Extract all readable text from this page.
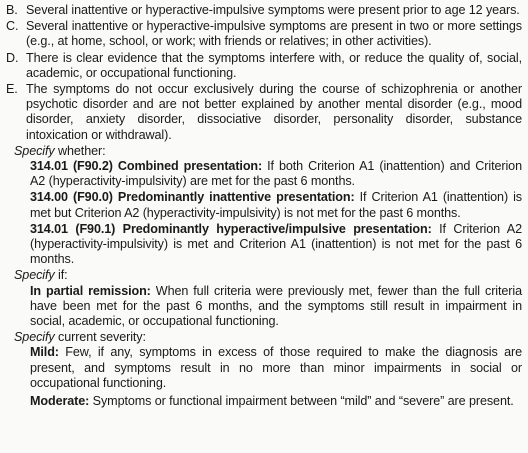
B. Several inattentive or hyperactive-impulsive symptoms were present prior to age 12 years.
C. Several inattentive or hyperactive-impulsive symptoms are present in two or more settings (e.g., at home, school, or work; with friends or relatives; in other activities).
D. There is clear evidence that the symptoms interfere with, or reduce the quality of, social, academic, or occupational functioning.
E. The symptoms do not occur exclusively during the course of schizophrenia or another psychotic disorder and are not better explained by another mental disorder (e.g., mood disorder, anxiety disorder, dissociative disorder, personality disorder, substance intoxication or withdrawal).
Specify whether:
314.01 (F90.2) Combined presentation: If both Criterion A1 (inattention) and Criterion A2 (hyperactivity-impulsivity) are met for the past 6 months.
314.00 (F90.0) Predominantly inattentive presentation: If Criterion A1 (inattention) is met but Criterion A2 (hyperactivity-impulsivity) is not met for the past 6 months.
314.01 (F90.1) Predominantly hyperactive/impulsive presentation: If Criterion A2 (hyperactivity-impulsivity) is met and Criterion A1 (inattention) is not met for the past 6 months.
Specify if:
In partial remission: When full criteria were previously met, fewer than the full criteria have been met for the past 6 months, and the symptoms still result in impairment in social, academic, or occupational functioning.
Specify current severity:
Mild: Few, if any, symptoms in excess of those required to make the diagnosis are present, and symptoms result in no more than minor impairments in social or occupational functioning.
Moderate: Symptoms or functional impairment between “mild” and “severe” are present.
